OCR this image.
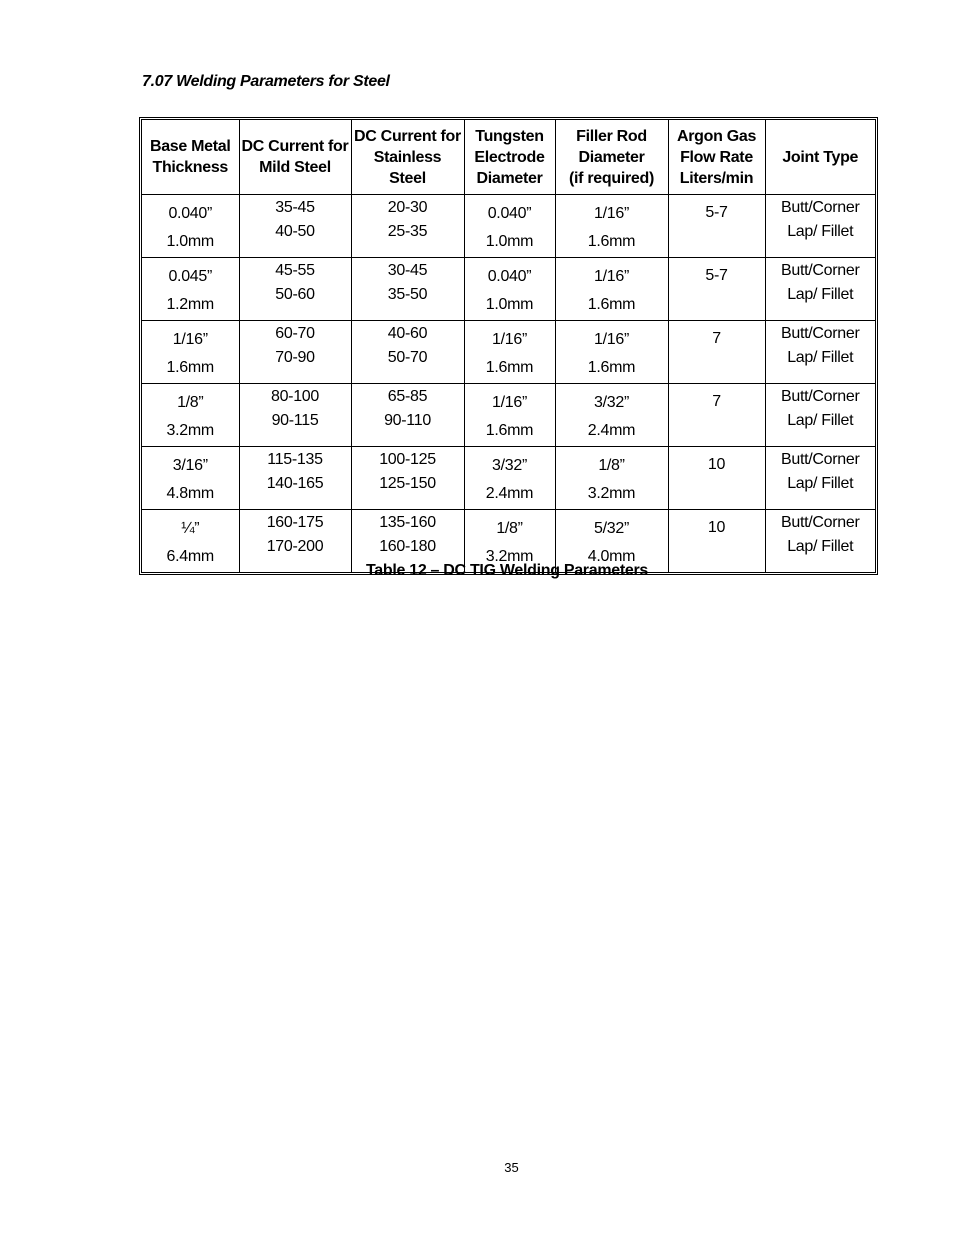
7.07 Welding Parameters for Steel
Base Metal
Thickness	DC Current for
Mild Steel	DC Current for
Stainless
Steel	Tungsten
Electrode
Diameter	Filler Rod
Diameter
(if required)	Argon Gas
Flow Rate
Liters/min	Joint Type

0.040”
1.0mm	35-45
40-50	20-30
25-35	0.040”
1.0mm	1/16”
1.6mm	5-7	Butt/Corner
Lap/ Fillet

0.045”
1.2mm	45-55
50-60	30-45
35-50	0.040”
1.0mm	1/16”
1.6mm	5-7	Butt/Corner
Lap/ Fillet

1/16”
1.6mm	60-70
70-90	40-60
50-70	1/16”
1.6mm	1/16”
1.6mm	7	Butt/Corner
Lap/ Fillet

1/8”
3.2mm	80-100
90-115	65-85
90-110	1/16”
1.6mm	3/32”
2.4mm	7	Butt/Corner
Lap/ Fillet

3/16”
4.8mm	115-135
140-165	100-125
125-150	3/32”
2.4mm	1/8”
3.2mm	10	Butt/Corner
Lap/ Fillet

¼”
6.4mm	160-175
170-200	135-160
160-180	1/8”
3.2mm	5/32”
4.0mm	10	Butt/Corner
Lap/ Fillet
Table 12 – DC TIG Welding Parameters
35
